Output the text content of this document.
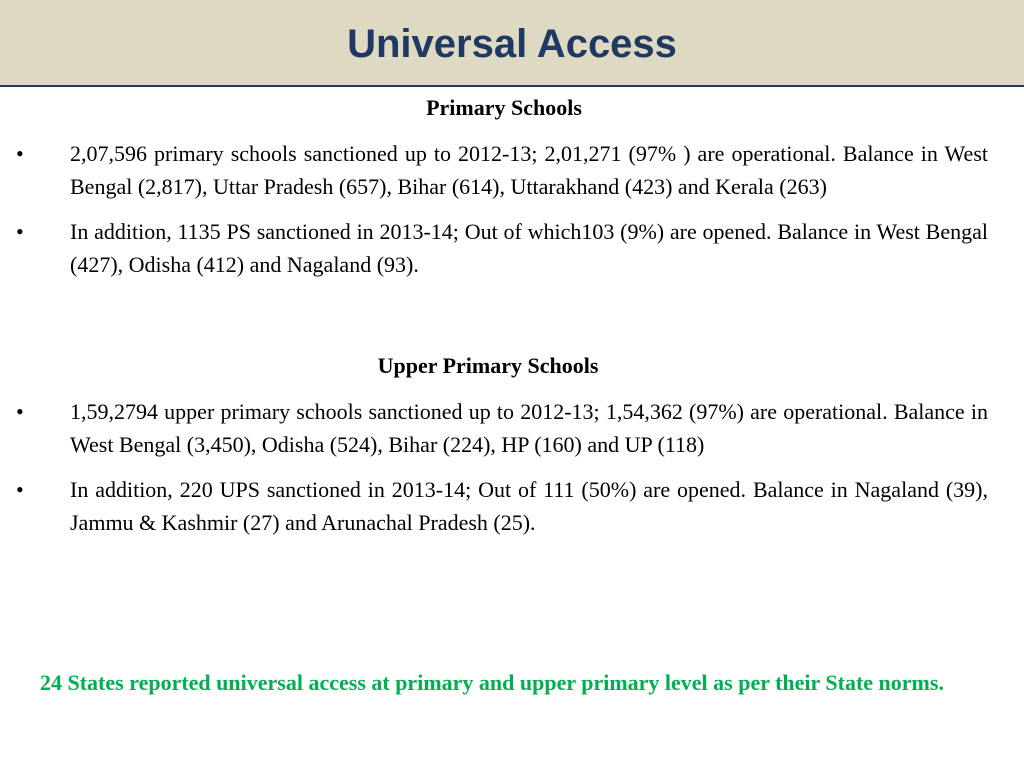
Universal Access
Primary Schools
• 2,07,596 primary schools sanctioned up to 2012-13; 2,01,271 (97% ) are operational. Balance in West Bengal (2,817), Uttar Pradesh (657), Bihar (614), Uttarakhand (423) and Kerala (263)
• In addition, 1135 PS sanctioned in 2013-14; Out of which103 (9%) are opened. Balance in West Bengal (427), Odisha (412) and Nagaland (93).
Upper Primary Schools
• 1,59,2794 upper primary schools sanctioned up to 2012-13; 1,54,362 (97%) are operational. Balance in West Bengal (3,450), Odisha (524), Bihar (224), HP (160) and UP (118)
• In addition, 220 UPS sanctioned in 2013-14; Out of 111 (50%) are opened. Balance in Nagaland (39), Jammu & Kashmir (27) and Arunachal Pradesh (25).

24 States reported universal access at primary and upper primary level as per their State norms.
